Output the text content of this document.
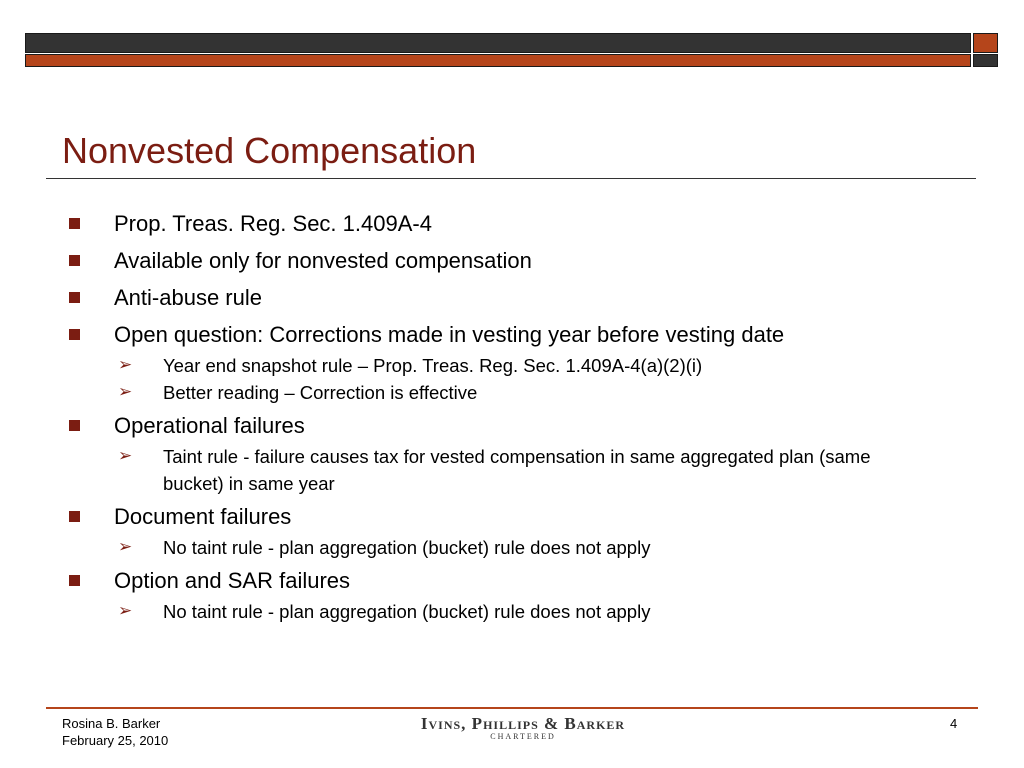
Nonvested Compensation
Prop. Treas. Reg. Sec. 1.409A-4
Available only for nonvested compensation
Anti-abuse rule
Open question: Corrections made in vesting year before vesting date
➢ Year end snapshot rule – Prop. Treas. Reg. Sec. 1.409A-4(a)(2)(i)
➢ Better reading – Correction is effective
Operational failures
➢ Taint rule - failure causes tax for vested compensation in same aggregated plan (same bucket) in same year
Document failures
➢ No taint rule - plan aggregation (bucket) rule does not apply
Option and SAR failures
➢ No taint rule - plan aggregation (bucket) rule does not apply
Rosina B. Barker
February 25, 2010
Ivins, Phillips & Barker
CHARTERED
4
